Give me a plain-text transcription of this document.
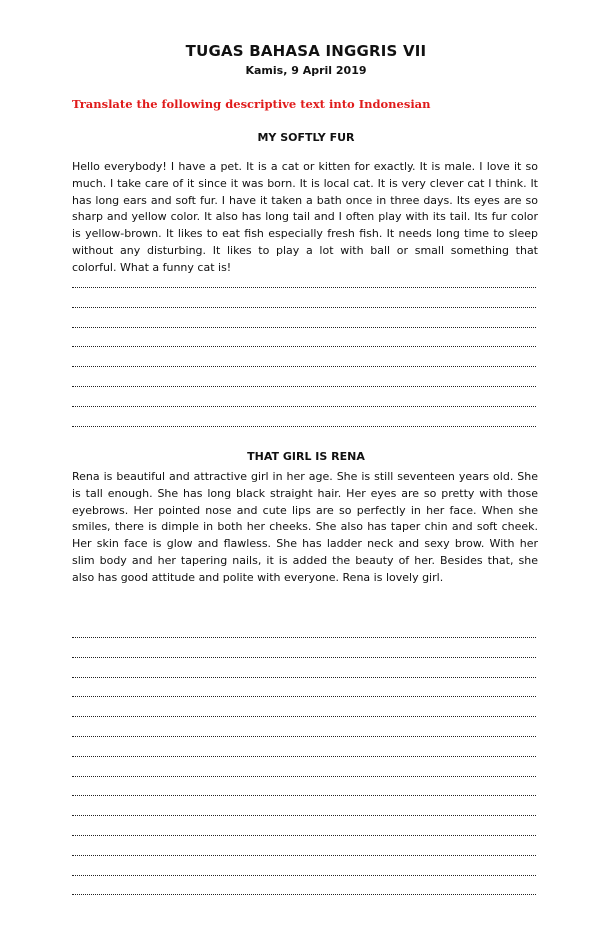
TUGAS BAHASA INGGRIS VII
Kamis, 9 April 2019
Translate the following descriptive text into Indonesian
MY SOFTLY FUR

Hello everybody! I have a pet. It is a cat or kitten for exactly. It is male. I love it so much. I take care of it since it was born. It is local cat. It is very clever cat I think. It has long ears and soft fur. I have it taken a bath once in three days. Its eyes are so sharp and yellow color. It also has long tail and I often play with its tail. Its fur color is yellow-brown. It likes to eat fish especially fresh fish. It needs long time to sleep without any disturbing. It likes to play a lot with ball or small something that colorful. What a funny cat is!

THAT GIRL IS RENA

Rena is beautiful and attractive girl in her age. She is still seventeen years old. She is tall enough. She has long black straight hair. Her eyes are so pretty with those eyebrows. Her pointed nose and cute lips are so perfectly in her face. When she smiles, there is dimple in both her cheeks. She also has taper chin and soft cheek. Her skin face is glow and flawless. She has ladder neck and sexy brow. With her slim body and her tapering nails, it is added the beauty of her. Besides that, she also has good attitude and polite with everyone. Rena is lovely girl.
